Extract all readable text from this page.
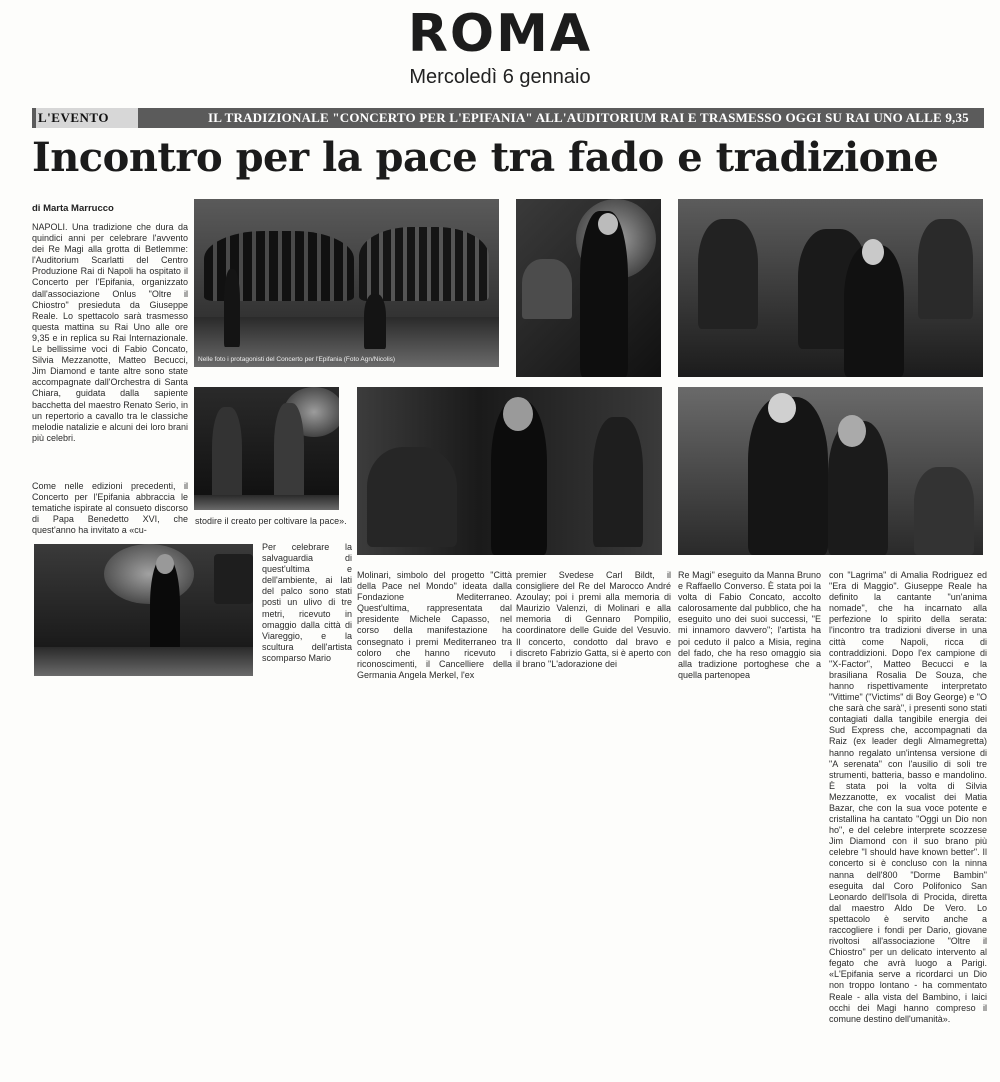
ROMA
Mercoledì 6 gennaio
L'EVENTO	IL TRADIZIONALE "CONCERTO PER L'EPIFANIA" ALL'AUDITORIUM RAI E TRASMESSO OGGI SU RAI UNO ALLE 9,35
Incontro per la pace tra fado e tradizione
di Marta Marrucco
NAPOLI. Una tradizione che dura da quindici anni per celebrare l'avvento dei Re Magi alla grotta di Betlemme: l'Auditorium Scarlatti del Centro Produzione Rai di Napoli ha ospitato il Concerto per l'Epifania, organizzato dall'associazione Onlus "Oltre il Chiostro" presieduta da Giuseppe Reale. Lo spettacolo sarà trasmesso questa mattina su Rai Uno alle ore 9,35 e in replica su Rai Internazionale. Le bellissime voci di Fabio Concato, Silvia Mezzanotte, Matteo Becucci, Jim Diamond e tante altre sono state accompagnate dall'Orchestra di Santa Chiara, guidata dalla sapiente bacchetta del maestro Renato Serio, in un repertorio a cavallo tra le classiche melodie natalizie e alcuni dei loro brani più celebri.
Come nelle edizioni precedenti, il Concerto per l'Epifania abbraccia le tematiche ispirate al consueto discorso di Papa Benedetto XVI, che quest'anno ha invitato a «cu-
stodire il creato per coltivare la pace».
Per celebrare la salvaguardia di quest'ultima e dell'ambiente, ai lati del palco sono stati posti un ulivo di tre metri, ricevuto in omaggio dalla città di Viareggio, e la scultura dell'artista scomparso Mario
Molinari, simbolo del progetto "Città della Pace nel Mondo" ideata dalla Fondazione Mediterraneo. Quest'ultima, rappresentata dal presidente Michele Capasso, nel corso della manifestazione ha consegnato i premi Mediterraneo tra coloro che hanno ricevuto i riconoscimenti, il Cancelliere della Germania Angela Merkel, l'ex
premier Svedese Carl Bildt, il consigliere del Re del Marocco André Azoulay; poi i premi alla memoria di Maurizio Valenzi, di Molinari e alla memoria di Gennaro Pompilio, coordinatore delle Guide del Vesuvio. Il concerto, condotto dal bravo e discreto Fabrizio Gatta, si è aperto con il brano "L'adorazione dei
Re Magi" eseguito da Manna Bruno e Raffaello Converso. È stata poi la volta di Fabio Concato, accolto calorosamente dal pubblico, che ha eseguito uno dei suoi successi, "E mi innamoro davvero"; l'artista ha poi ceduto il palco a Misia, regina del fado, che ha reso omaggio sia alla tradizione portoghese che a quella partenopea
con "Lagrima" di Amalia Rodriguez ed "Era di Maggio". Giuseppe Reale ha definito la cantante "un'anima nomade", che ha incarnato alla perfezione lo spirito della serata: l'incontro tra tradizioni diverse in una città come Napoli, ricca di contraddizioni. Dopo l'ex campione di "X-Factor", Matteo Becucci e la brasiliana Rosalia De Souza, che hanno rispettivamente interpretato "Vittime" ("Victims" di Boy George) e "O che sarà che sarà", i presenti sono stati contagiati dalla tangibile energia dei Sud Express che, accompagnati da Raiz (ex leader degli Almamegretta) hanno regalato un'intensa versione di "A serenata" con l'ausilio di soli tre strumenti, batteria, basso e mandolino. È stata poi la volta di Silvia Mezzanotte, ex vocalist dei Matia Bazar, che con la sua voce potente e cristallina ha cantato "Oggi un Dio non ho", e del celebre interprete scozzese Jim Diamond con il suo brano più celebre "I should have known better". Il concerto si è concluso con la ninna nanna dell'800 "Dorme Bambin" eseguita dal Coro Polifonico San Leonardo dell'Isola di Procida, diretta dal maestro Aldo De Vero. Lo spettacolo è servito anche a raccogliere i fondi per Dario, giovane rivoltosi all'associazione "Oltre il Chiostro" per un delicato intervento al fegato che avrà luogo a Parigi. «L'Epifania serve a ricordarci un Dio non troppo lontano - ha commentato Reale - alla vista del Bambino, i laici occhi dei Magi hanno compreso il comune destino dell'umanità».
Nelle foto i protagonisti del Concerto per l'Epifania (Foto Agn/Nicolis)
